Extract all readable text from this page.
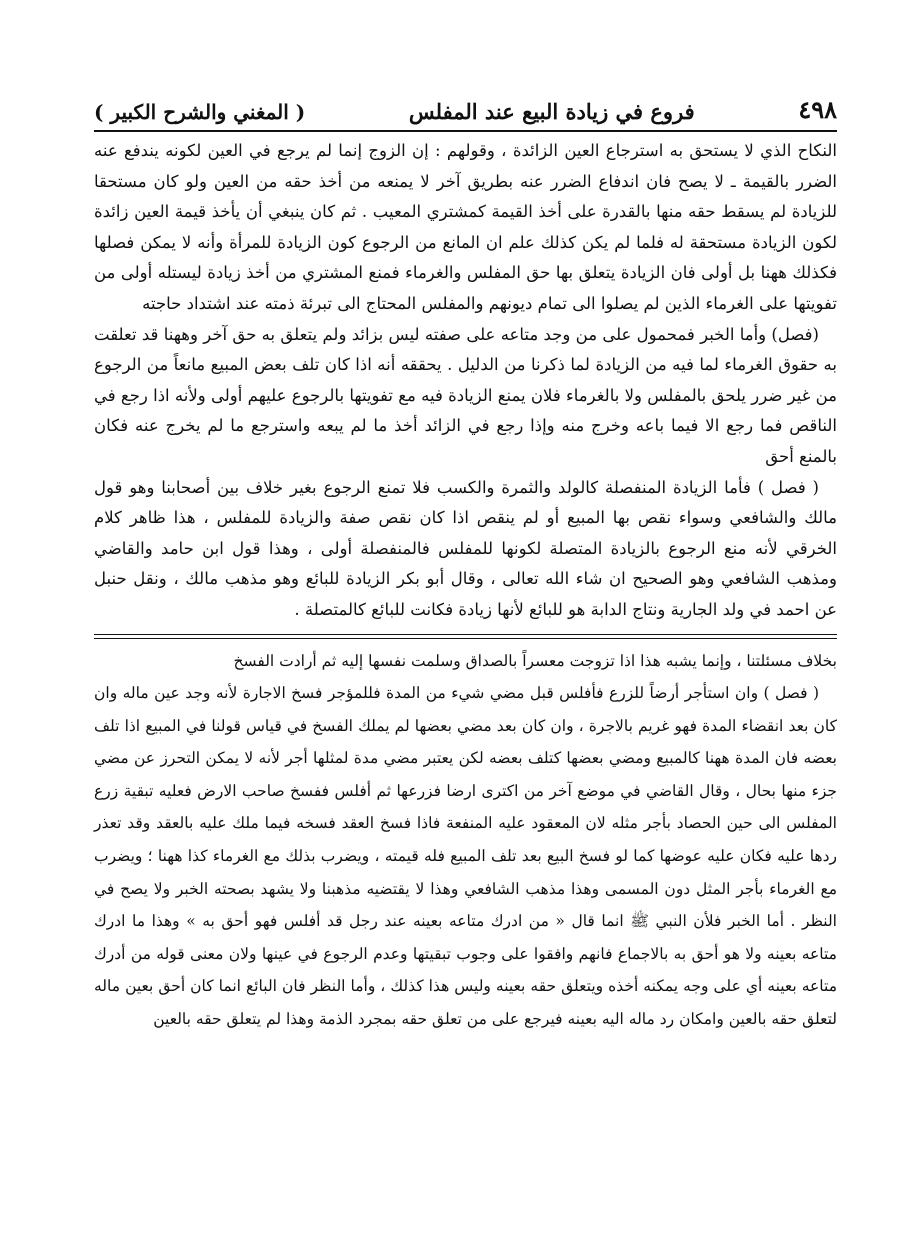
٤٩٨
فروع في زيادة البيع عند المفلس
( المغني والشرح الكبير )

النكاح الذي لا يستحق به استرجاع العين الزائدة ، وقولهم : إن الزوج إنما لم يرجع في العين لكونه يندفع عنه الضرر بالقيمة ـ لا يصح فان اندفاع الضرر عنه بطريق آخر لا يمنعه من أخذ حقه من العين ولو كان مستحقا للزيادة لم يسقط حقه منها بالقدرة على أخذ القيمة كمشتري المعيب . ثم كان ينبغي أن يأخذ قيمة العين زائدة لكون الزيادة مستحقة له فلما لم يكن كذلك علم ان المانع من الرجوع كون الزيادة للمرأة وأنه لا يمكن فصلها فكذلك ههنا بل أولى فان الزيادة يتعلق بها حق المفلس والغرماء فمنع المشتري من أخذ زيادة ليستله أولى من تفويتها على الغرماء الذين لم يصلوا الى تمام ديونهم والمفلس المحتاج الى تبرئة ذمته عند اشتداد حاجته

(فصل) وأما الخبر فمحمول على من وجد متاعه على صفته ليس بزائد ولم يتعلق به حق آخر وههنا قد تعلقت به حقوق الغرماء لما فيه من الزيادة لما ذكرنا من الدليل . يحققه أنه اذا كان تلف بعض المبيع مانعاً من الرجوع من غير ضرر يلحق بالمفلس ولا بالغرماء فلان يمنع الزيادة فيه مع تفويتها بالرجوع عليهم أولى ولأنه اذا رجع في الناقص فما رجع الا فيما باعه وخرج منه وإذا رجع في الزائد أخذ ما لم يبعه واسترجع ما لم يخرج عنه فكان بالمنع أحق

( فصل ) فأما الزيادة المنفصلة كالولد والثمرة والكسب فلا تمنع الرجوع بغير خلاف بين أصحابنا وهو قول مالك والشافعي وسواء نقص بها المبيع أو لم ينقص اذا كان نقص صفة والزيادة للمفلس ، هذا ظاهر كلام الخرقي لأنه منع الرجوع بالزيادة المتصلة لكونها للمفلس فالمنفصلة أولى ، وهذا قول ابن حامد والقاضي ومذهب الشافعي وهو الصحيح ان شاء الله تعالى ، وقال أبو بكر الزيادة للبائع وهو مذهب مالك ، ونقل حنبل عن احمد في ولد الجارية ونتاج الدابة هو للبائع لأنها زيادة فكانت للبائع كالمتصلة .

بخلاف مسئلتنا ، وإنما يشبه هذا اذا تزوجت معسراً بالصداق وسلمت نفسها إليه ثم أرادت الفسخ

( فصل ) وان استأجر أرضاً للزرع فأفلس قبل مضي شيء من المدة فللمؤجر فسخ الاجارة لأنه وجد عين ماله وان كان بعد انقضاء المدة فهو غريم بالاجرة ، وان كان بعد مضي بعضها لم يملك الفسخ في قياس قولنا في المبيع اذا تلف بعضه فان المدة ههنا كالمبيع ومضي بعضها كتلف بعضه لكن يعتبر مضي مدة لمثلها أجر لأنه لا يمكن التحرز عن مضي جزء منها بحال ، وقال القاضي في موضع آخر من اكترى ارضا فزرعها ثم أفلس ففسخ صاحب الارض فعليه تبقية زرع المفلس الى حين الحصاد بأجر مثله لان المعقود عليه المنفعة فاذا فسخ العقد فسخه فيما ملك عليه بالعقد وقد تعذر ردها عليه فكان عليه عوضها كما لو فسخ البيع بعد تلف المبيع فله قيمته ، ويضرب بذلك مع الغرماء كذا ههنا ؛ ويضرب مع الغرماء بأجر المثل دون المسمى وهذا مذهب الشافعي وهذا لا يقتضيه مذهبنا ولا يشهد بصحته الخبر ولا يصح في النظر . أما الخبر فلأن النبي ﷺ انما قال « من ادرك متاعه بعينه عند رجل قد أفلس فهو أحق به » وهذا ما ادرك متاعه بعينه ولا هو أحق به بالاجماع فانهم وافقوا على وجوب تبقيتها وعدم الرجوع في عينها ولان معنى قوله من أدرك متاعه بعينه أي على وجه يمكنه أخذه ويتعلق حقه بعينه وليس هذا كذلك ، وأما النظر فان البائع انما كان أحق بعين ماله لتعلق حقه بالعين وامكان رد ماله اليه بعينه فيرجع على من تعلق حقه بمجرد الذمة وهذا لم يتعلق حقه بالعين
